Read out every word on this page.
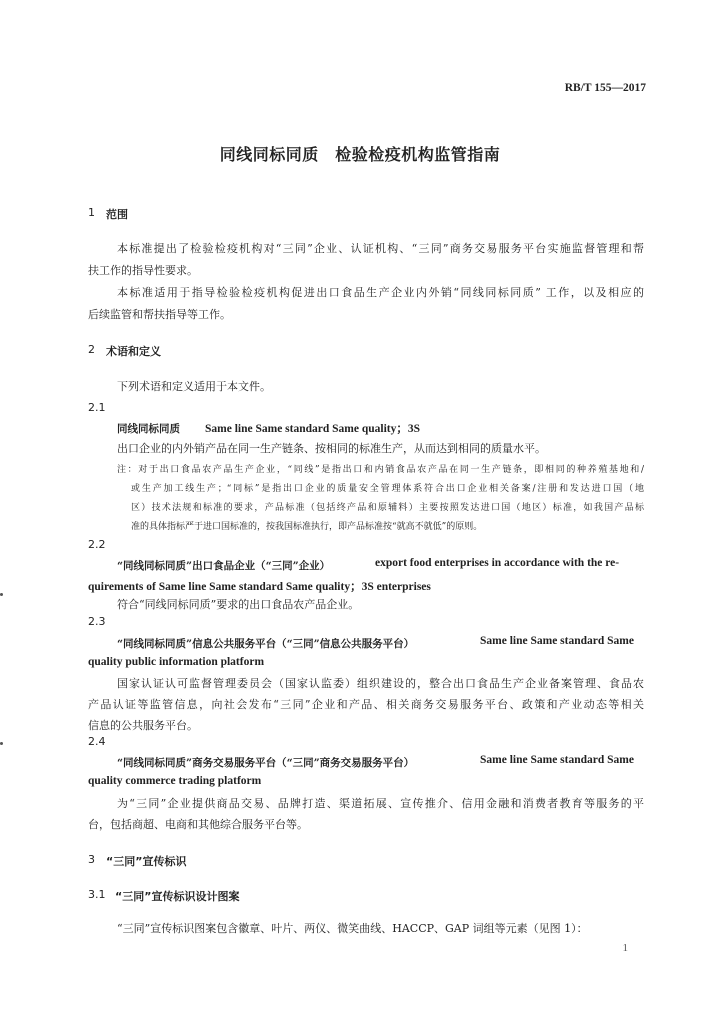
RB/T 155—2017
同线同标同质　检验检疫机构监管指南
1 范围
本标准提出了检验检疫机构对“三同”企业、认证机构、“三同”商务交易服务平台实施监督管理和帮
扶工作的指导性要求。
本标准适用于指导检验检疫机构促进出口食品生产企业内外销“同线同标同质” 工作，以及相应的
后续监管和帮扶指导等工作。
2 术语和定义
下列术语和定义适用于本文件。
2.1
同线同标同质 Same line Same standard Same quality；3S
出口企业的内外销产品在同一生产链条、按相同的标准生产，从而达到相同的质量水平。
注：对于出口食品农产品生产企业，“同线”是指出口和内销食品农产品在同一生产链条，即相同的种养殖基地和/
或生产加工线生产；“同标”是指出口企业的质量安全管理体系符合出口企业相关备案/注册和发达进口国（地
区）技术法规和标准的要求，产品标准（包括终产品和原辅料）主要按照发达进口国（地区）标准，如我国产品标
准的具体指标严于进口国标准的，按我国标准执行，即产品标准按“就高不就低”的原则。
2.2
“同线同标同质”出口食品企业（“三同”企业）	export food enterprises in accordance with the re-
quirements of Same line Same standard Same quality；3S enterprises
符合“同线同标同质”要求的出口食品农产品企业。
2.3
“同线同标同质”信息公共服务平台（“三同”信息公共服务平台）	Same line Same standard Same
quality public information platform
国家认证认可监督管理委员会（国家认监委）组织建设的，整合出口食品生产企业备案管理、食品农
产品认证等监管信息，向社会发布“三同”企业和产品、相关商务交易服务平台、政策和产业动态等相关
信息的公共服务平台。
2.4
“同线同标同质”商务交易服务平台（“三同”商务交易服务平台）	Same line Same standard Same
quality commerce trading platform
为“三同”企业提供商品交易、品牌打造、渠道拓展、宣传推介、信用金融和消费者教育等服务的平
台，包括商超、电商和其他综合服务平台等。
3 “三同”宣传标识
3.1 “三同”宣传标识设计图案
“三同”宣传标识图案包含徽章、叶片、两仪、微笑曲线、HACCP、GAP 词组等元素（见图 1）：
1
